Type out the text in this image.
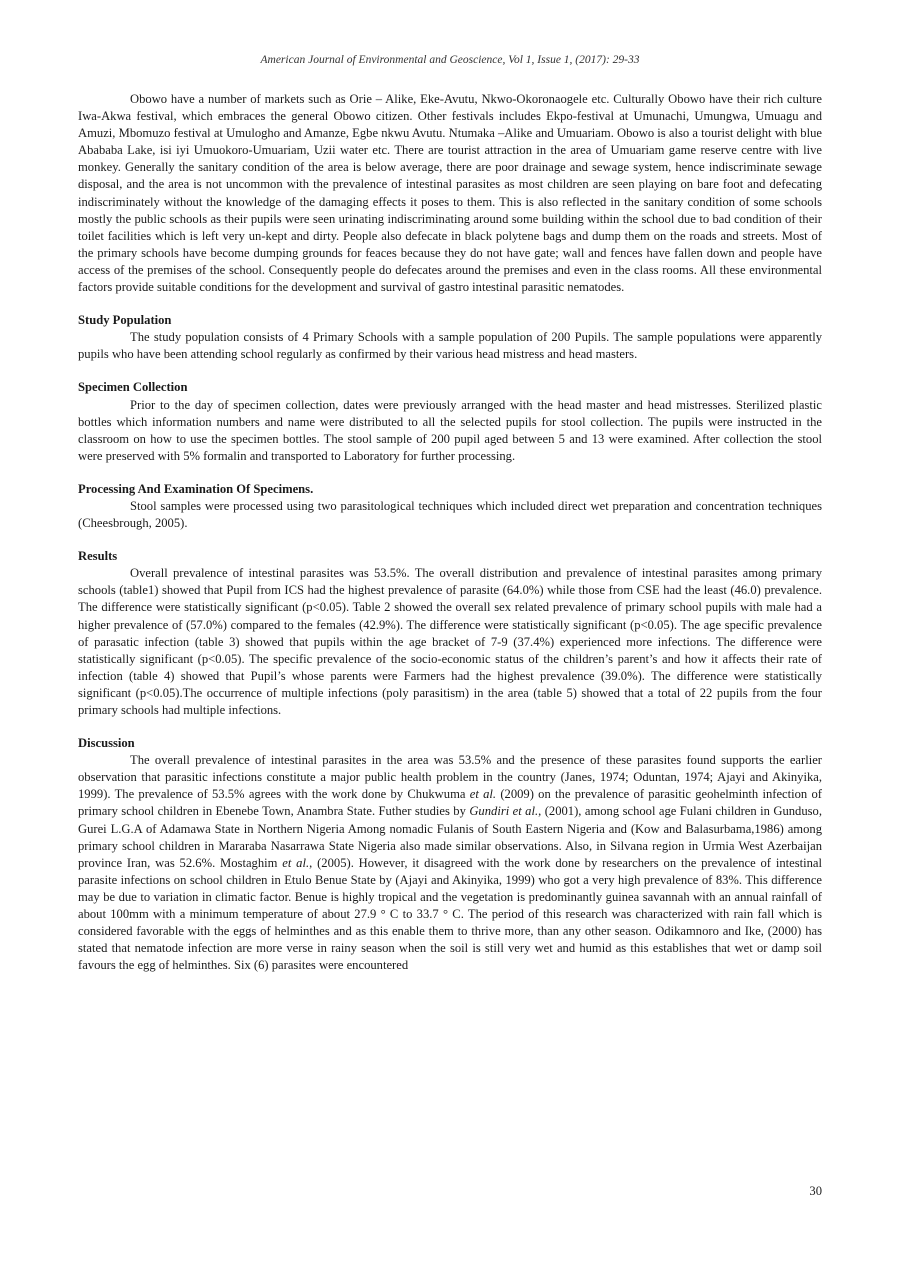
American Journal of Environmental and Geoscience, Vol 1, Issue 1, (2017): 29-33

Obowo have a number of markets such as Orie – Alike, Eke-Avutu, Nkwo-Okoronaogele etc. Culturally Obowo have their rich culture Iwa-Akwa festival, which embraces the general Obowo citizen. Other festivals includes Ekpo-festival at Umunachi, Umungwa, Umuagu and Amuzi, Mbomuzo festival at Umulogho and Amanze, Egbe nkwu Avutu. Ntumaka –Alike and Umuariam. Obowo is also a tourist delight with blue Abababa Lake, isi iyi Umuokoro-Umuariam, Uzii water etc. There are tourist attraction in the area of Umuariam game reserve centre with live monkey. Generally the sanitary condition of the area is below average, there are poor drainage and sewage system, hence indiscriminate sewage disposal, and the area is not uncommon with the prevalence of intestinal parasites as most children are seen playing on bare foot and defecating indiscriminately without the knowledge of the damaging effects it poses to them. This is also reflected in the sanitary condition of some schools mostly the public schools as their pupils were seen urinating indiscriminating around some building within the school due to bad condition of their toilet facilities which is left very un-kept and dirty. People also defecate in black polytene bags and dump them on the roads and streets. Most of the primary schools have become dumping grounds for feaces because they do not have gate; wall and fences have fallen down and people have access of the premises of the school. Consequently people do defecates around the premises and even in the class rooms. All these environmental factors provide suitable conditions for the development and survival of gastro intestinal parasitic nematodes.

Study Population

The study population consists of 4 Primary Schools with a sample population of 200 Pupils. The sample populations were apparently pupils who have been attending school regularly as confirmed by their various head mistress and head masters.

Specimen Collection

Prior to the day of specimen collection, dates were previously arranged with the head master and head mistresses. Sterilized plastic bottles which information numbers and name were distributed to all the selected pupils for stool collection. The pupils were instructed in the classroom on how to use the specimen bottles. The stool sample of 200 pupil aged between 5 and 13 were examined. After collection the stool were preserved with 5% formalin and transported to Laboratory for further processing.

Processing And Examination Of Specimens.

Stool samples were processed using two parasitological techniques which included direct wet preparation and concentration techniques (Cheesbrough, 2005).

Results

Overall prevalence of intestinal parasites was 53.5%. The overall distribution and prevalence of intestinal parasites among primary schools (table1) showed that Pupil from ICS had the highest prevalence of parasite (64.0%) while those from CSE had the least (46.0) prevalence. The difference were statistically significant (p<0.05). Table 2 showed the overall sex related prevalence of primary school pupils with male had a higher prevalence of (57.0%) compared to the females (42.9%). The difference were statistically significant (p<0.05). The age specific prevalence of parasatic infection (table 3) showed that pupils within the age bracket of 7-9 (37.4%) experienced more infections. The difference were statistically significant (p<0.05). The specific prevalence of the socio-economic status of the children’s parent’s and how it affects their rate of infection (table 4) showed that Pupil’s whose parents were Farmers had the highest prevalence (39.0%). The difference were statistically significant (p<0.05).The occurrence of multiple infections (poly parasitism) in the area (table 5) showed that a total of 22 pupils from the four primary schools had multiple infections.

Discussion

The overall prevalence of intestinal parasites in the area was 53.5% and the presence of these parasites found supports the earlier observation that parasitic infections constitute a major public health problem in the country (Janes, 1974; Oduntan, 1974; Ajayi and Akinyika, 1999). The prevalence of 53.5% agrees with the work done by Chukwuma et al. (2009) on the prevalence of parasitic geohelminth infection of primary school children in Ebenebe Town, Anambra State. Futher studies by Gundiri et al., (2001), among school age Fulani children in Gunduso, Gurei L.G.A of Adamawa State in Northern Nigeria Among nomadic Fulanis of South Eastern Nigeria and (Kow and Balasurbama,1986) among primary school children in Mararaba Nasarrawa State Nigeria also made similar observations. Also, in Silvana region in Urmia West Azerbaijan province Iran, was 52.6%. Mostaghim et al., (2005). However, it disagreed with the work done by researchers on the prevalence of intestinal parasite infections on school children in Etulo Benue State by (Ajayi and Akinyika, 1999) who got a very high prevalence of 83%. This difference may be due to variation in climatic factor. Benue is highly tropical and the vegetation is predominantly guinea savannah with an annual rainfall of about 100mm with a minimum temperature of about 27.9 ° C to 33.7 ° C. The period of this research was characterized with rain fall which is considered favorable with the eggs of helminthes and as this enable them to thrive more, than any other season. Odikamnoro and Ike, (2000) has stated that nematode infection are more verse in rainy season when the soil is still very wet and humid as this establishes that wet or damp soil favours the egg of helminthes. Six (6) parasites were encountered

30
